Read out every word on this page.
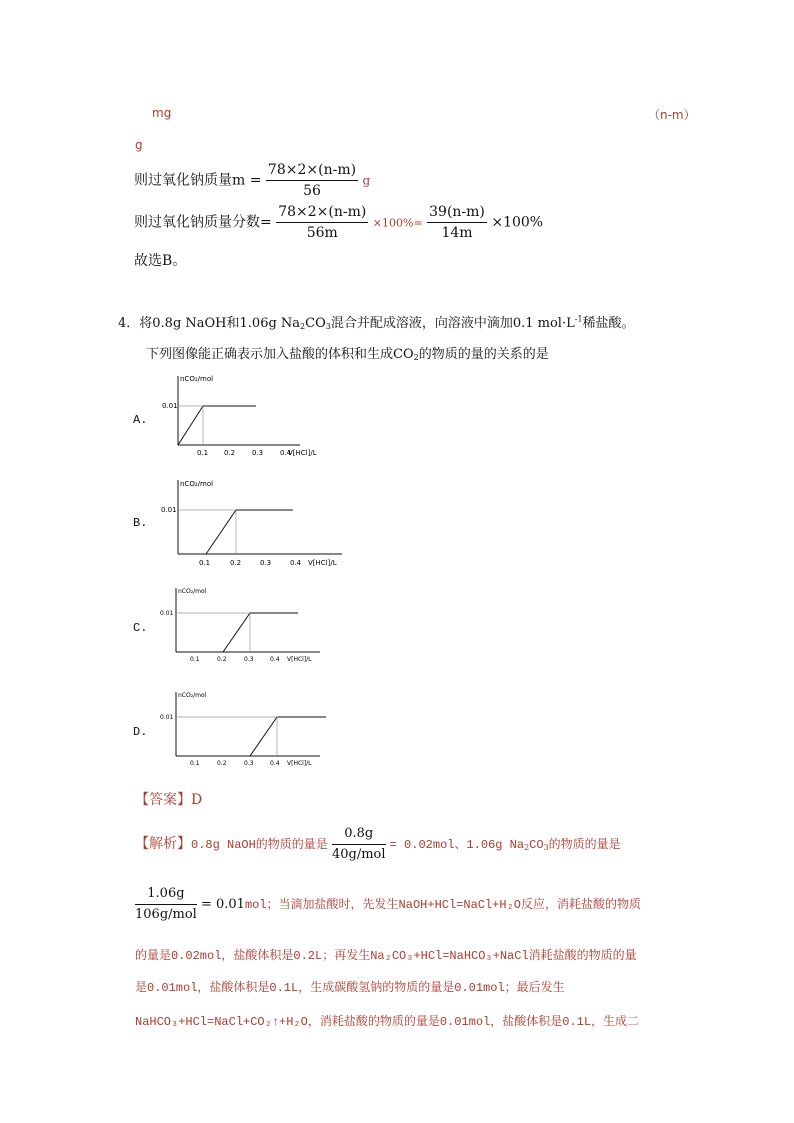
mg	（n-m）
g
则过氧化钠质量$m = \frac{78\times 2\times(n-m)}{56}$ g
则过氧化钠质量分数= $\frac{78\times 2\times(n-m)}{56m} \times 100\%= \frac{39(n-m)}{14m} \times 100\%$
故选B。
4．将0.8g NaOH和1.06g $Na_2CO_3$混合并配成溶液，向溶液中滴加0.1 $mol\cdot L^{-1}$稀盐酸。
下列图像能正确表示加入盐酸的体积和生成$CO_2$的物质的量的关系的是
A.
nCO₂/mol
0.01
0.1 0.2 0.3 0.4
V[HCl]/L
B.
nCO₂/mol
0.01
0.1	0.2	0.3	0.4 V[HCl]/L
C.
nCO₂/mol
0.01
0.1	0.2	0.3	0.4 V[HCl]/L
D.
nCO₂/mol
0.01
0.1	0.2	0.3	0.4 V[HCl]/L
【答案】D
【解析】0.8g NaOH的物质的量是 $\frac{0.8g}{\text{40g/mol}} = 0.02mol$、1.06g $Na_2CO_3$的物质的量是
$\frac{1.06g}{\text{106g/mol}} = 0.01mol$；当滴加盐酸时，先发生NaOH+HCl=NaCl+H₂O反应，消耗盐酸的物质
的量是0.02mol，盐酸体积是0.2L；再发生Na₂CO₃+HCl=NaHCO₃+NaCl消耗盐酸的物质的量
是0.01mol，盐酸体积是0.1L，生成碳酸氢钠的物质的量是0.01mol；最后发生
NaHCO₃+HCl=NaCl+CO₂↑+H₂O，消耗盐酸的物质的量是0.01mol，盐酸体积是0.1L，生成二
